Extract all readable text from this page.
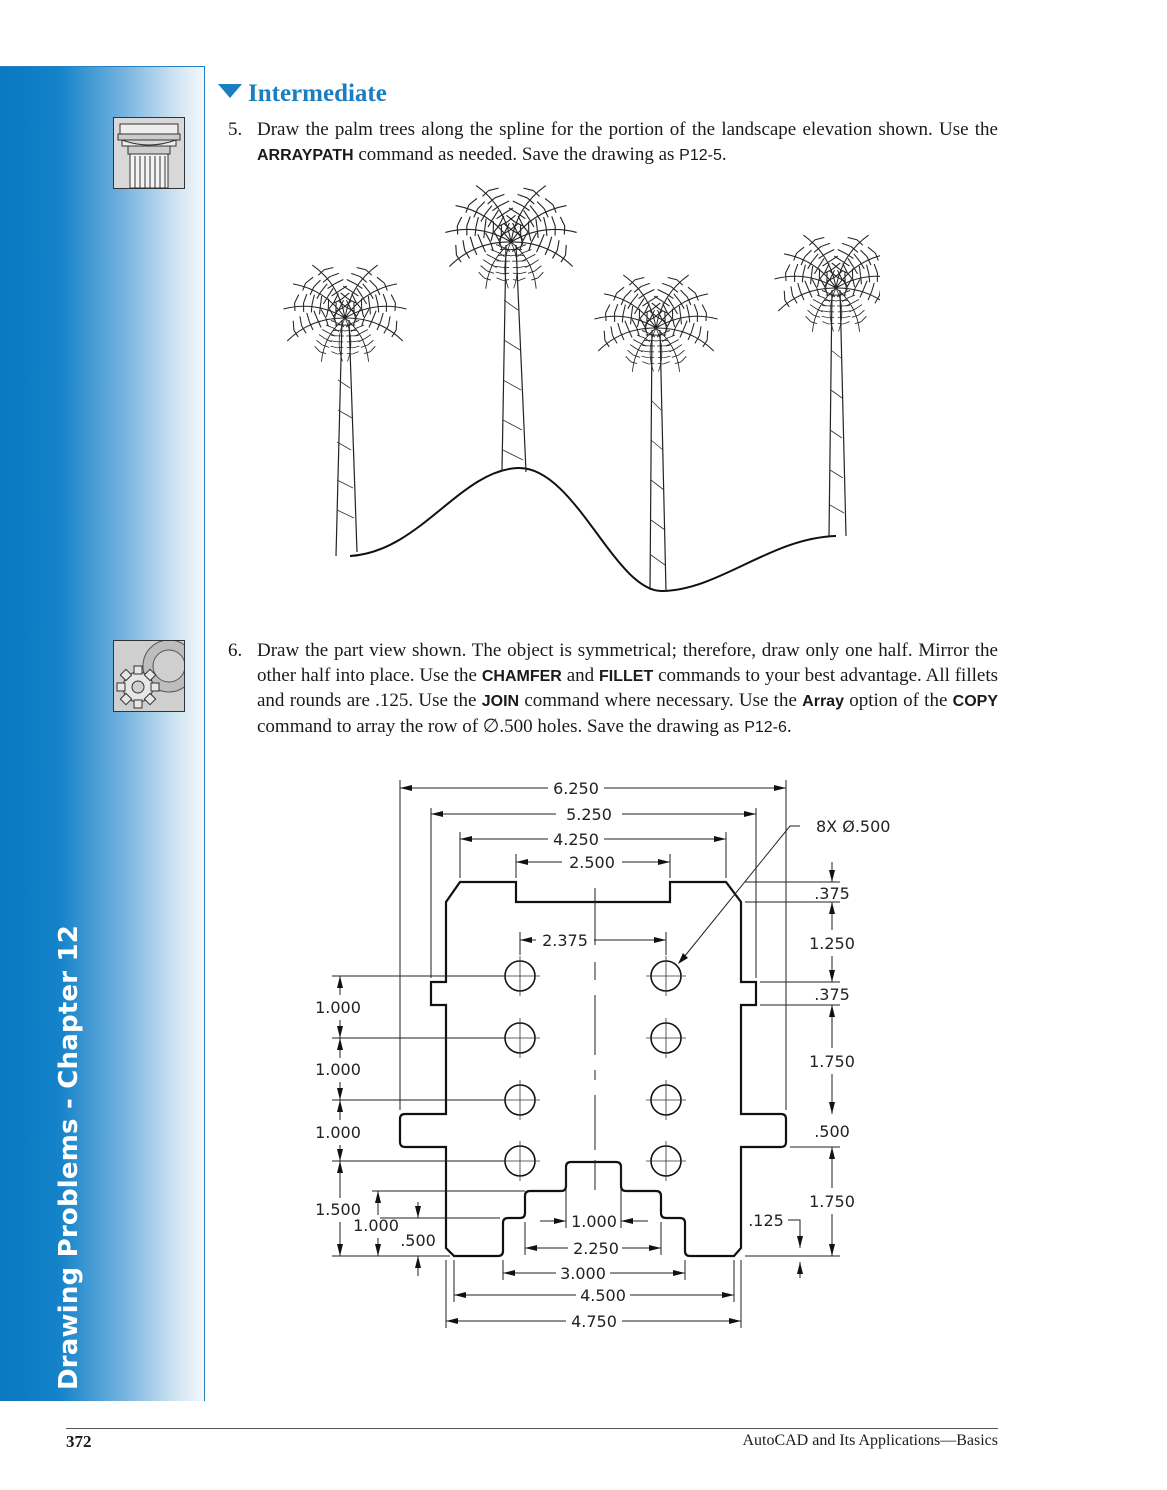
Drawing Problems - Chapter 12
Intermediate
5. Draw the palm trees along the spline for the portion of the landscape elevation shown. Use the ARRAYPATH command as needed. Save the drawing as P12-5.
6. Draw the part view shown. The object is symmetrical; therefore, draw only one half. Mirror the other half into place. Use the CHAMFER and FILLET commands to your best advantage. All fillets and rounds are .125. Use the JOIN command where necessary. Use the Array option of the COPY command to array the row of ∅.500 holes. Save the drawing as P12-6.
6.250
5.250
4.250
2.500
8X Ø.500
2.375
.375
1.250
.375
1.750
.500
1.750
.125
1.000
1.000
1.000
1.500
1.000
.500
1.000
2.250
3.000
4.500
4.750
372	AutoCAD and Its Applications—Basics
